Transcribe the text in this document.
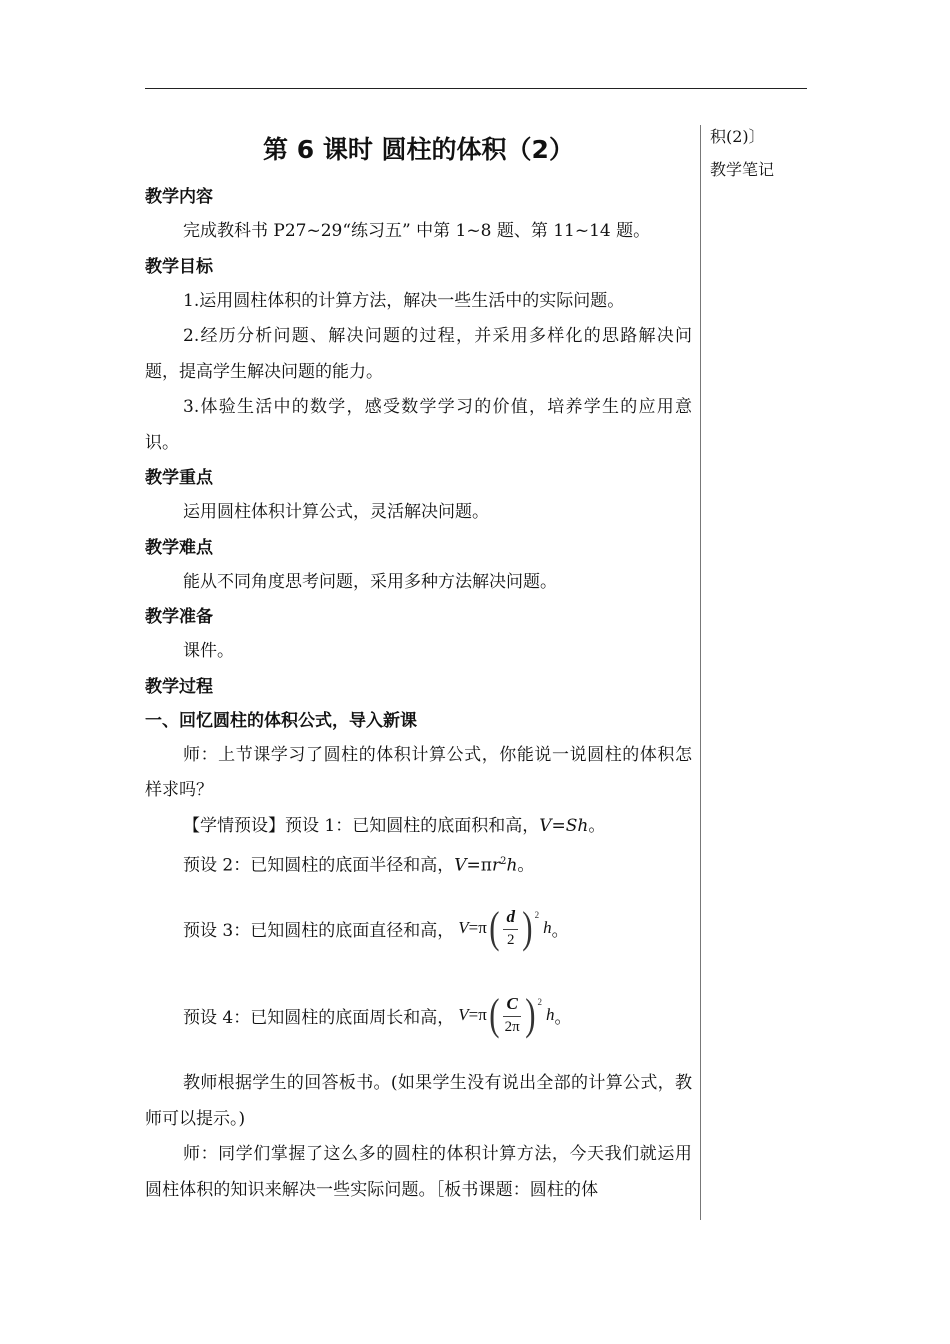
第 6 课时 圆柱的体积（2）
教学内容

完成教科书 P27~29“练习五” 中第 1~8 题、第 11~14 题。

教学目标

1.运用圆柱体积的计算方法，解决一些生活中的实际问题。

2.经历分析问题、解决问题的过程，并采用多样化的思路解决问题，提高学生解决问题的能力。

3.体验生活中的数学，感受数学学习的价值，培养学生的应用意识。

教学重点

运用圆柱体积计算公式，灵活解决问题。

教学难点

能从不同角度思考问题，采用多种方法解决问题。

教学准备

课件。

教学过程
一、回忆圆柱的体积公式，导入新课

师：上节课学习了圆柱的体积计算公式，你能说一说圆柱的体积怎样求吗？

【学情预设】预设 1：已知圆柱的底面积和高，V=Sh。

预设 2：已知圆柱的底面半径和高，$V=\pi r^2h$。

预设 3：已知圆柱的底面直径和高， V = π ( $\frac{d}{2}$ ) 2
h 。
预设 4：已知圆柱的底面周长和高， V = π ( $\frac{C}{2\pi}$ ) 2
h 。

教师根据学生的回答板书。(如果学生没有说出全部的计算公式，教师可以提示。)

师：同学们掌握了这么多的圆柱的体积计算方法，今天我们就运用圆柱体积的知识来解决一些实际问题。［板书课题：圆柱的体

积(2)〕
教学笔记
